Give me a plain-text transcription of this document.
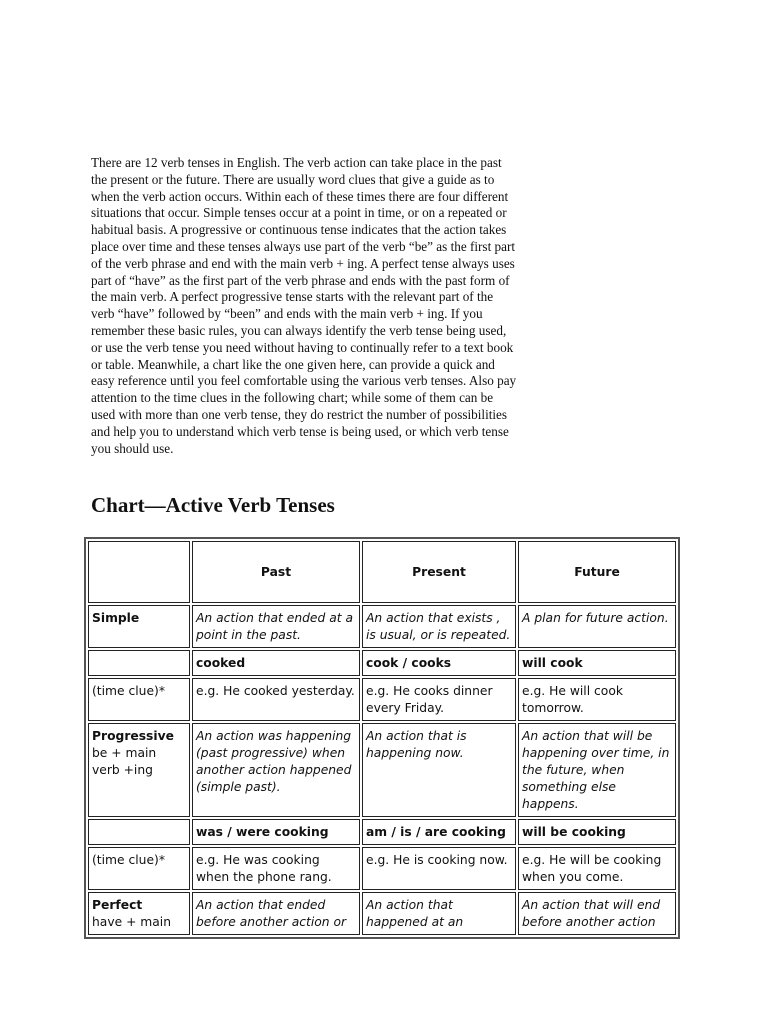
There are 12 verb tenses in English. The verb action can take place in the past
the present or the future. There are usually word clues that give a guide as to
when the verb action occurs. Within each of these times there are four different
situations that occur. Simple tenses occur at a point in time, or on a repeated or
habitual basis. A progressive or continuous tense indicates that the action takes
place over time and these tenses always use part of the verb “be” as the first part
of the verb phrase and end with the main verb + ing. A perfect tense always uses
part of “have” as the first part of the verb phrase and ends with the past form of
the main verb. A perfect progressive tense starts with the relevant part of the
verb “have” followed by “been” and ends with the main verb + ing. If you
remember these basic rules, you can always identify the verb tense being used,
or use the verb tense you need without having to continually refer to a text book
or table. Meanwhile, a chart like the one given here, can provide a quick and
easy reference until you feel comfortable using the various verb tenses. Also pay
attention to the time clues in the following chart; while some of them can be
used with more than one verb tense, they do restrict the number of possibilities
and help you to understand which verb tense is being used, or which verb tense
you should use.
Chart—Active Verb Tenses
	Past	Present	Future
Simple	An action that ended at a point in the past.	An action that exists , is usual, or is repeated.	A plan for future action.
	cooked	cook / cooks	will cook
(time clue)*	e.g. He cooked yesterday.	e.g. He cooks dinner every Friday.	e.g. He will cook tomorrow.

Progressive
be + main verb +ing	An action was happening (past progressive) when another action happened (simple past).	An action that is happening now.	An action that will be happening over time, in the future, when something else happens.
	was / were cooking	am / is / are cooking	will be cooking
(time clue)*	e.g. He was cooking when the phone rang.	e.g. He is cooking now.	e.g. He will be cooking when you come.

Perfect
have + main	An action that ended before another action or	An action that happened at an	An action that will end before another action
